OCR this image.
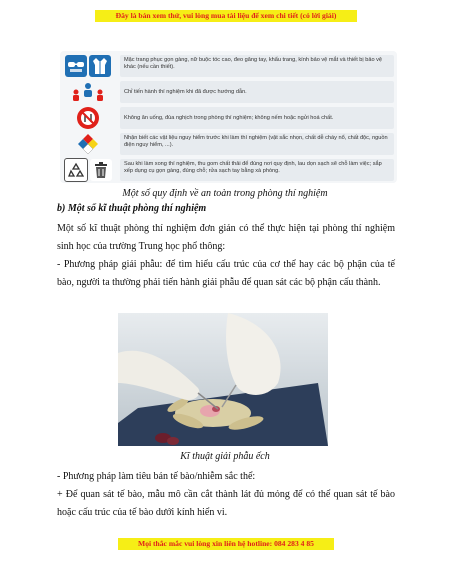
Đây là bản xem thử, vui lòng mua tài liệu để xem chi tiết (có lời giải)
Mặc trang phục gọn gàng, nữ buộc tóc cao, đeo găng tay, khẩu trang, kính bảo vệ mắt và thiết bị bảo vệ khác (nếu cần thiết).
Chỉ tiến hành thí nghiệm khi đã được hướng dẫn.
Không ăn uống, đùa nghịch trong phòng thí nghiệm; không nếm hoặc ngửi hoá chất.
Nhận biết các vật liệu nguy hiểm trước khi làm thí nghiệm (vật sắc nhọn, chất dễ cháy nổ, chất độc, nguồn điện nguy hiểm, ...).
Sau khi làm xong thí nghiệm, thu gom chất thải để đúng nơi quy định, lau dọn sạch sẽ chỗ làm việc; sắp xếp dụng cụ gọn gàng, đúng chỗ; rửa sạch tay bằng xà phòng.
Một số quy định về an toàn trong phòng thí nghiệm
b) Một số kĩ thuật phòng thí nghiệm
Một số kĩ thuật phòng thí nghiệm đơn giản có thể thực hiện tại phòng thí nghiệm sinh học của trường Trung học phổ thông:
- Phương pháp giải phẫu: để tìm hiểu cấu trúc của cơ thể hay các bộ phận của tế bào, người ta thường phải tiến hành giải phẫu để quan sát các bộ phận cấu thành.
Kĩ thuật giải phẫu ếch
- Phương pháp làm tiêu bản tế bào/nhiễm sắc thể:
+ Để quan sát tế bào, mẫu mô cần cắt thành lát đủ mỏng để có thể quan sát tế bào hoặc cấu trúc của tế bào dưới kính hiển vi.
Mọi thắc mắc vui lòng xin liên hệ hotline: 084 283 4 85
